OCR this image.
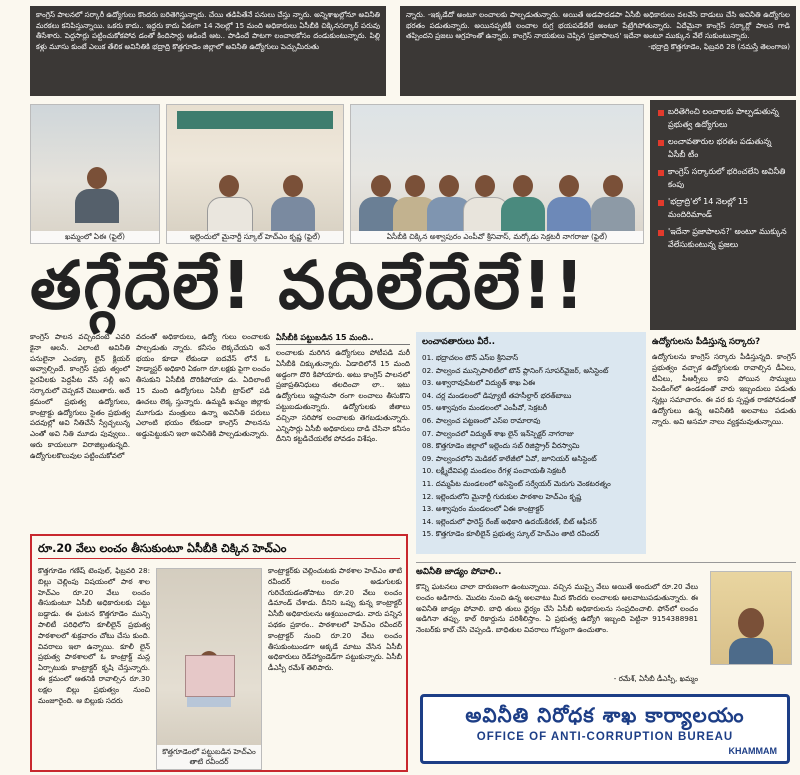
కాంగ్రెస్ పాలనలో సర్కారీ ఉద్యోగులు కొందరు బరితెగిస్తున్నారు. చేయి తడిపితేనే పనులు చేస్తు న్నారు. అన్నిశాఖల్లోనూ అవినీతి మరకలు కనిపిస్తున్నాయి. ఒకరు కాదు.. ఇద్దరు కాదు ఏకంగా 14 నెలల్లో 15 మంది అధికారులు ఏసీబీకి చిక్కినసర్కార్ పరువు తీసేశారు. పెద్దసార్లు పట్టించుకోకపోవ డంతో కిందిసార్లు ఆడిందే ఆట.. పాడిందే పాటగా లంచాలకోసం దండుకుంటున్నారు. పిల్లి కళ్లు మూసు కుంటే ఎలుక తేలిక అవినీతికి భద్రాద్రి కొత్తగూడెం జిల్లాలో అవినీతి ఉద్యోగులు పెచ్చుమీరుతు
న్నారు. -ఇక్కడేదో అంటూ లంచాలకు పాల్పడుతున్నారు. అయితే అడపాదడపా ఏసీబీ అధికారులు వలవేసి దాడులు చేసి అవినీతి ఉద్యోగుల భరతం పడుతున్నారు. అయినప్పటికీ లంచాల రుగ్ర భయపడేదేలే అంటూ పేట్రేగిపోతున్నారు. ఏదేమైనా కాంగ్రెస్ సర్కార్లో పాలన గాడి తప్పిందని ప్రజలు ఆగ్రహంతో ఉన్నారు. కాంగ్రెస్ నాయకులు చెప్పిన 'ప్రజాపాలన' ఇదేనా అంటూ ముక్కున వేలే సుకుంటున్నారు.
-భద్రాద్రి కొత్తగూడెం, ఫిబ్రవరి 28 (నమస్తే తెలంగాణ)
ఖమ్మంలో ఏఈ (ఫైల్)	ఇల్లెందులో మైనార్టీ స్కూల్ హెచ్ఎం కృష్ణ (ఫైల్)	ఏసీబీకి చిక్కిన అశ్వాపురం ఎంపీవో శ్రీనివాస్, మర్కోడు సెక్రటరీ నాగరాజు (ఫైల్)
బరితెగించి లంచాలకు పాల్పడుతున్న ప్రభుత్వ ఉద్యోగులు
లంచావతారుల భరతం పడుతున్న ఏసీబీ టీం
కాంగ్రెస్ సర్కారులో భరించలేని అవినీతి కంపు
'భద్రాద్రి'లో 14 నెలల్లో 15 మందిరిమాండ్
'ఇదేనా ప్రజాపాలన?' అంటూ ముక్కున వేలేసుకుంటున్న ప్రజలు
తగ్గేదేలే! వదిలేదేలే!!
కాంగ్రెస్ పాలన వచ్చిందంటే ఎవరి కైనా ఆలసే. ఎలాంటి అవినీతి పనులైనా ఎంచక్కా లైన్ క్లియర్ అవ్వాల్సిందే. కాంగ్రెస్ ప్రభు త్వంలో పైరవీలకు పెద్దపీట వేసే సల్లీ అని సర్కారులో చెప్పకనే చెబుతారు. అదే క్రమంలో ప్రభుత్వ ఉద్యోగులు, కాంట్రాక్టు ఉద్యోగులు సైతం ప్రభుత్వ పదవుల్లో అవి నీతిచేసే స్వేచ్ఛలున్న ఎంతో అవి నీతి మూడు పువ్వులు.. ఆరు కాయలుగా విరాజిల్లుతున్నది. ఉద్యోగులకొలువుల పట్టించుకోవలో
వదంతో అధికారులు, ఉద్యో గులు లంచాలకు పాల్పడుతు న్నారు. కనీసం లెక్కచేయని అనే భయం కూడా లేకుండా ఐదవేస్ లోనే ఓ హెడ్మాస్టర్ అధికారి ఏకంగా రూ.లక్షకు పైగా లంచం తీసుకుని ఏసీబీకి దొరికిపోయా డు. ఏదిలాంటి 15 మంది ఉద్యోగులు ఏసీబీ ట్రాప్‌లో పడి ఊచలు లెక్క స్తున్నారు. ఉమ్మడి ఖమ్మం జిల్లాకు మూగుడు మంత్రులు ఉన్నా అవినీతి పరులు ఎలాంటి భయం లేకుండా కాంగ్రెస్ పాలనను అడ్డుపెట్టుకుని ఇలా అవినీతికి పాల్పడుతున్నారు.
ఏసీబీకి పట్టుబడిన 15 మంది..
లంచాలకు మరిగిన ఉద్యోగులు పోటీపడి మరీ ఏసీబీకి చిక్కుతున్నారు. ఏడాదిలోనే 15 మంది అడ్డంగా దొరి కిపోయారు. అటు కాంగ్రెస్ పాలనలో ప్రజాప్రతినిధులు తలదించా లా.. ఇటు ఉద్యోగులు ఇష్టానుసా రంగా లంచాలు తీసుకొని పట్టుబడుతున్నారు. ఉద్యోగులకు జీతాలు వచ్చినా సరిపోక లంచాలకు తెగబడుతున్నారు. ఎన్నిసార్లు ఏసీబీ అధికారులు దాడి చేసినా కనీసం దీనిని కట్టడిచేయలేక పోవడం విశేషం.
లంచావతారులు వీరే..
01. భద్రాచలం టౌన్ ఎస్ఐ శ్రీనివాస్
02. పాల్వంచ మున్సిపాలిటీలో టౌన్ ప్లానింగ్ సూపర్‌వైజర్, అసిస్టెంట్
03. అశ్వారావుపేటలో విద్యుత్ శాఖ ఏఈ
04. చర్ల మండలంలో డిప్యూటీ తహసీల్దార్ భరత్‌బాబు
05. అశ్వాపురం మండలంలో ఎంపీవో, సెక్రటరీ
06. పాల్వంచ పట్టణంలో ఎస్ఐ రామారావు
07. పాల్వంచలో విద్యుత్ శాఖ లైన్ ఇన్‌స్పెక్టర్ నాగరాజు
08. కొత్తగూడెం జిల్లాలో ఇల్లెందు సబ్ రిజిస్ట్రార్ వీరస్వామి
09. పాల్వంచలోని మెడికల్ కాలేజీలో ఏవో, జూనియర్ అసిస్టెంట్
10. లక్ష్మీదేవిపల్లి మండలం రేగళ్ల పంచాయతీ సెక్రటరీ
11. దమ్మపేట మండలంలో అసిస్టెంట్ సర్వేయర్ మెరుగు వెంకటరత్నం
12. ఇల్లెందులోని మైనార్టీ గురుకుల పాఠశాల హెచ్ఎం కృష్ణ
13. అశ్వాపురం మండలంలో ఏఈ కాంట్రాక్టర్
14. ఇల్లెందులో ఫారెస్ట్ రేంజ్ అధికారి ఉదయ్‌కిరణ్, బీట్ ఆఫీసర్
15. కొత్తగూడెం కూలీలైన్ ప్రభుత్వ స్కూల్ హెచ్ఎం తాటి రవీందర్
ఉద్యోగులను పీడిస్తున్న సర్కారు?
ఉద్యోగులను కాంగ్రెస్ సర్కారు పీడిస్తున్నది. కాంగ్రెస్ ప్రభుత్వం వచ్చాక ఉద్యోగులకు రావాల్సిన డీఏలు, టీఏలు, పీఆర్సీలు కాని పోయిన సొమ్ములు పెండింగ్‌లో ఉండడంతో వారు ఇబ్బందులు పడుతు న్నట్లు సమాచారం. ఈ వర కు స్పష్టత రాకపోవడంతో ఉద్యోగులు ఉన్న అవినీతికి అలవాటు పడుతు న్నారు. అవి అసమా నాలు వ్యక్తమవుతున్నాయి.
రూ.20 వేలు లంచం తీసుకుంటూ ఏసీబీకి చిక్కిన హెచ్ఎం
కొత్తగూడెం గణేష్ టెంపుల్, ఫిబ్రవరి 28: బిల్లు చెల్లింపు విషయంలో పాఠ శాల హెచ్ఎం రూ.20 వేలు లంచం తీసుకుంటూ ఏసీబీ అధికారులకు పట్టు బడ్డాడు. ఈ ఘటన కొత్తగూడెం మున్సి పాలిటీ పరిధిలోని కూలీలైన్ ప్రభుత్వ పాఠశాలలో శుక్రవారం చోటు చేసు కుంది. వివరాలు ఇలా ఉన్నాయి. కూలీ లైన్ ప్రభుత్వ పాఠశాలలో ఓ కాంట్రాక్ట్ మన్ల ఏర్పాటుకు కాంట్రాక్టర్ కృషి చేస్తున్నారు. ఈ క్రమంలో ఆతనికి రావాల్సిన రూ.30 లక్షల బిల్లు ప్రభుత్వం నుంచి మంజూరైంది. ఆ బిల్లుకు సదరు
కొత్తగూడెంలో పట్టుబడిన హెచ్ఎం తాటి రవీందర్
కాంట్రాక్టర్‌కు చెల్లించుటకు పాఠశాల హెచ్ఎం తాటి రవీందర్ లంచం అడుగులకు గురిచేయడంతోపాటు రూ.20 వేలు లంచం డిమాండ్ చేశాడు. దీనిని ఒప్పు కున్న కాంట్రాక్టర్ ఏసీబీ అధికారులను ఆశ్రయించాడు. వారు పన్నిన పథకం ప్రకారం.. పాఠశాలలో హెచ్ఎం రవీందర్ కాంట్రాక్టర్ నుంచి రూ.20 వేలు లంచం తీసుకుంటుండగా అక్కడే మాటు వేసిన ఏసీబీ అధికారులు రెడ్‌హ్యాండెడ్‌గా పట్టుకున్నారు. ఏసీబీ డీఎస్పీ రమేశ్ తెలిపారు.
అవినీతి జాడ్యం పోవాలి..
కొన్ని ఘటనలు చాలా దారుణంగా ఉంటున్నాయి. వచ్చిన ముప్పై వేలు అయితే అందులో రూ.20 వేలు లంచం అడిగారు. మొదట నుంచి ఉన్న అలవాటు మీద కొందరు లంచాలకు అలవాటుపడుతున్నారు. ఈ అవినీతి జాడ్యం పోవాలి. బాధి తులు ధైర్యం చేసి ఏసీబీ అధికారులను సంప్రదించాలి. ఫోన్‌లో లంచం అడిగినా తప్పు. కాల్ రికార్డును పరిశీలిస్తాం. ఏ ప్రభుత్వ ఉద్యోగి ఇబ్బంది పెట్టినా 9154388981 నెంబర్‌కు కాల్ చేసి చెప్పండి. బాధితుల వివరాలు గోప్యంగా ఉంచుతాం.
- రమేశ్, ఏసీబీ డీఎస్పీ, ఖమ్మం
అవినీతి నిరోధక శాఖ కార్యాలయం
OFFICE OF ANTI-CORRUPTION BUREAU
KHAMMAM
